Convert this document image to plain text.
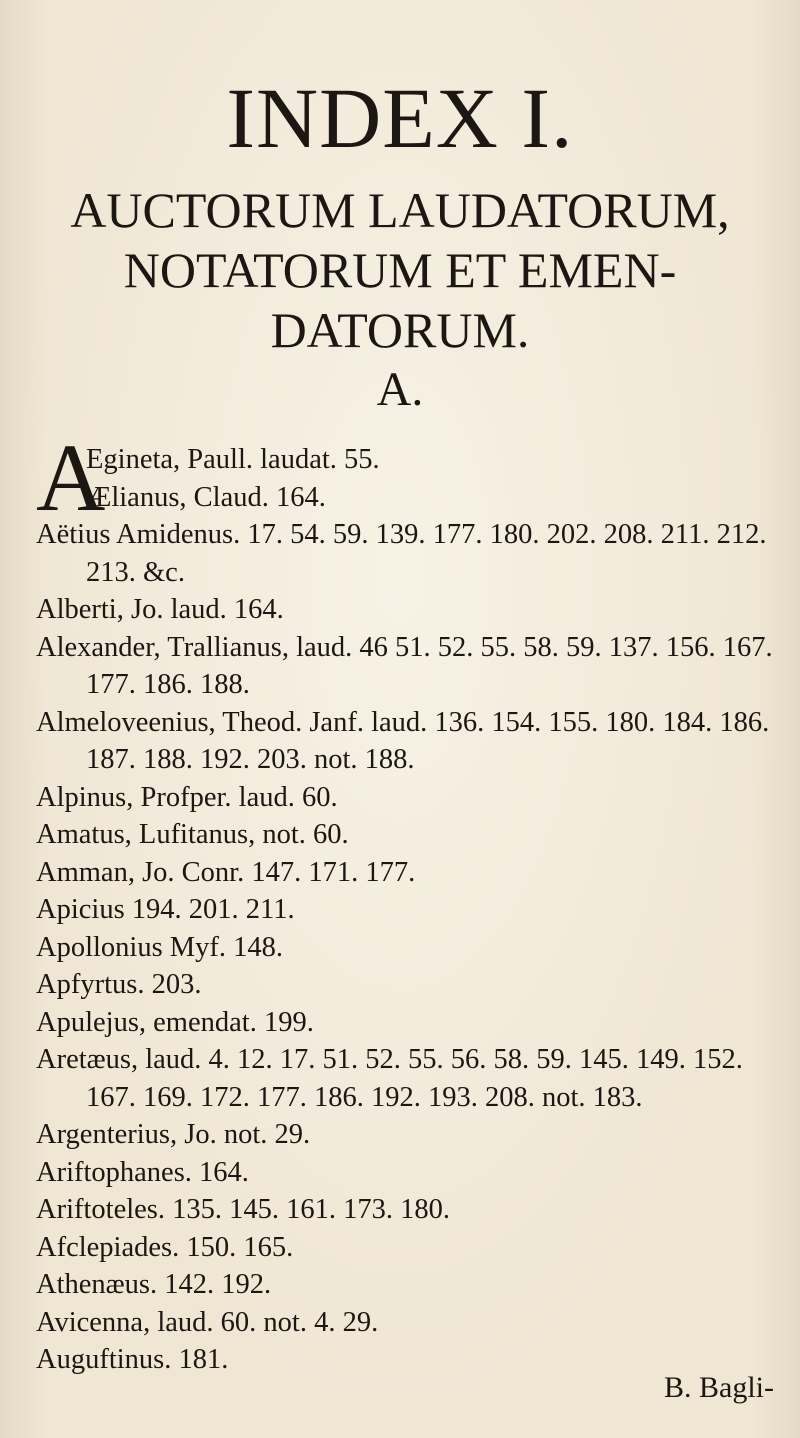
INDEX I.
AUCTORUM LAUDATORUM,
NOTATORUM ET EMEN-
DATORUM.
A.
A
Egineta, Paull. laudat. 55.
Ælianus, Claud. 164.
Aëtius Amidenus. 17. 54. 59. 139. 177. 180. 202. 208. 211. 212. 213. &c.
Alberti, Jo. laud. 164.
Alexander, Trallianus, laud. 46 51. 52. 55. 58. 59. 137. 156. 167. 177. 186. 188.
Almeloveenius, Theod. Janf. laud. 136. 154. 155. 180. 184. 186. 187. 188. 192. 203. not. 188.
Alpinus, Profper. laud. 60.
Amatus, Lufitanus, not. 60.
Amman, Jo. Conr. 147. 171. 177.
Apicius 194. 201. 211.
Apollonius Myf. 148.
Apfyrtus. 203.
Apulejus, emendat. 199.
Aretæus, laud. 4. 12. 17. 51. 52. 55. 56. 58. 59. 145. 149. 152. 167. 169. 172. 177. 186. 192. 193. 208. not. 183.
Argenterius, Jo. not. 29.
Ariftophanes. 164.
Ariftoteles. 135. 145. 161. 173. 180.
Afclepiades. 150. 165.
Athenæus. 142. 192.
Avicenna, laud. 60. not. 4. 29.
Auguftinus. 181.
B. Bagli-
